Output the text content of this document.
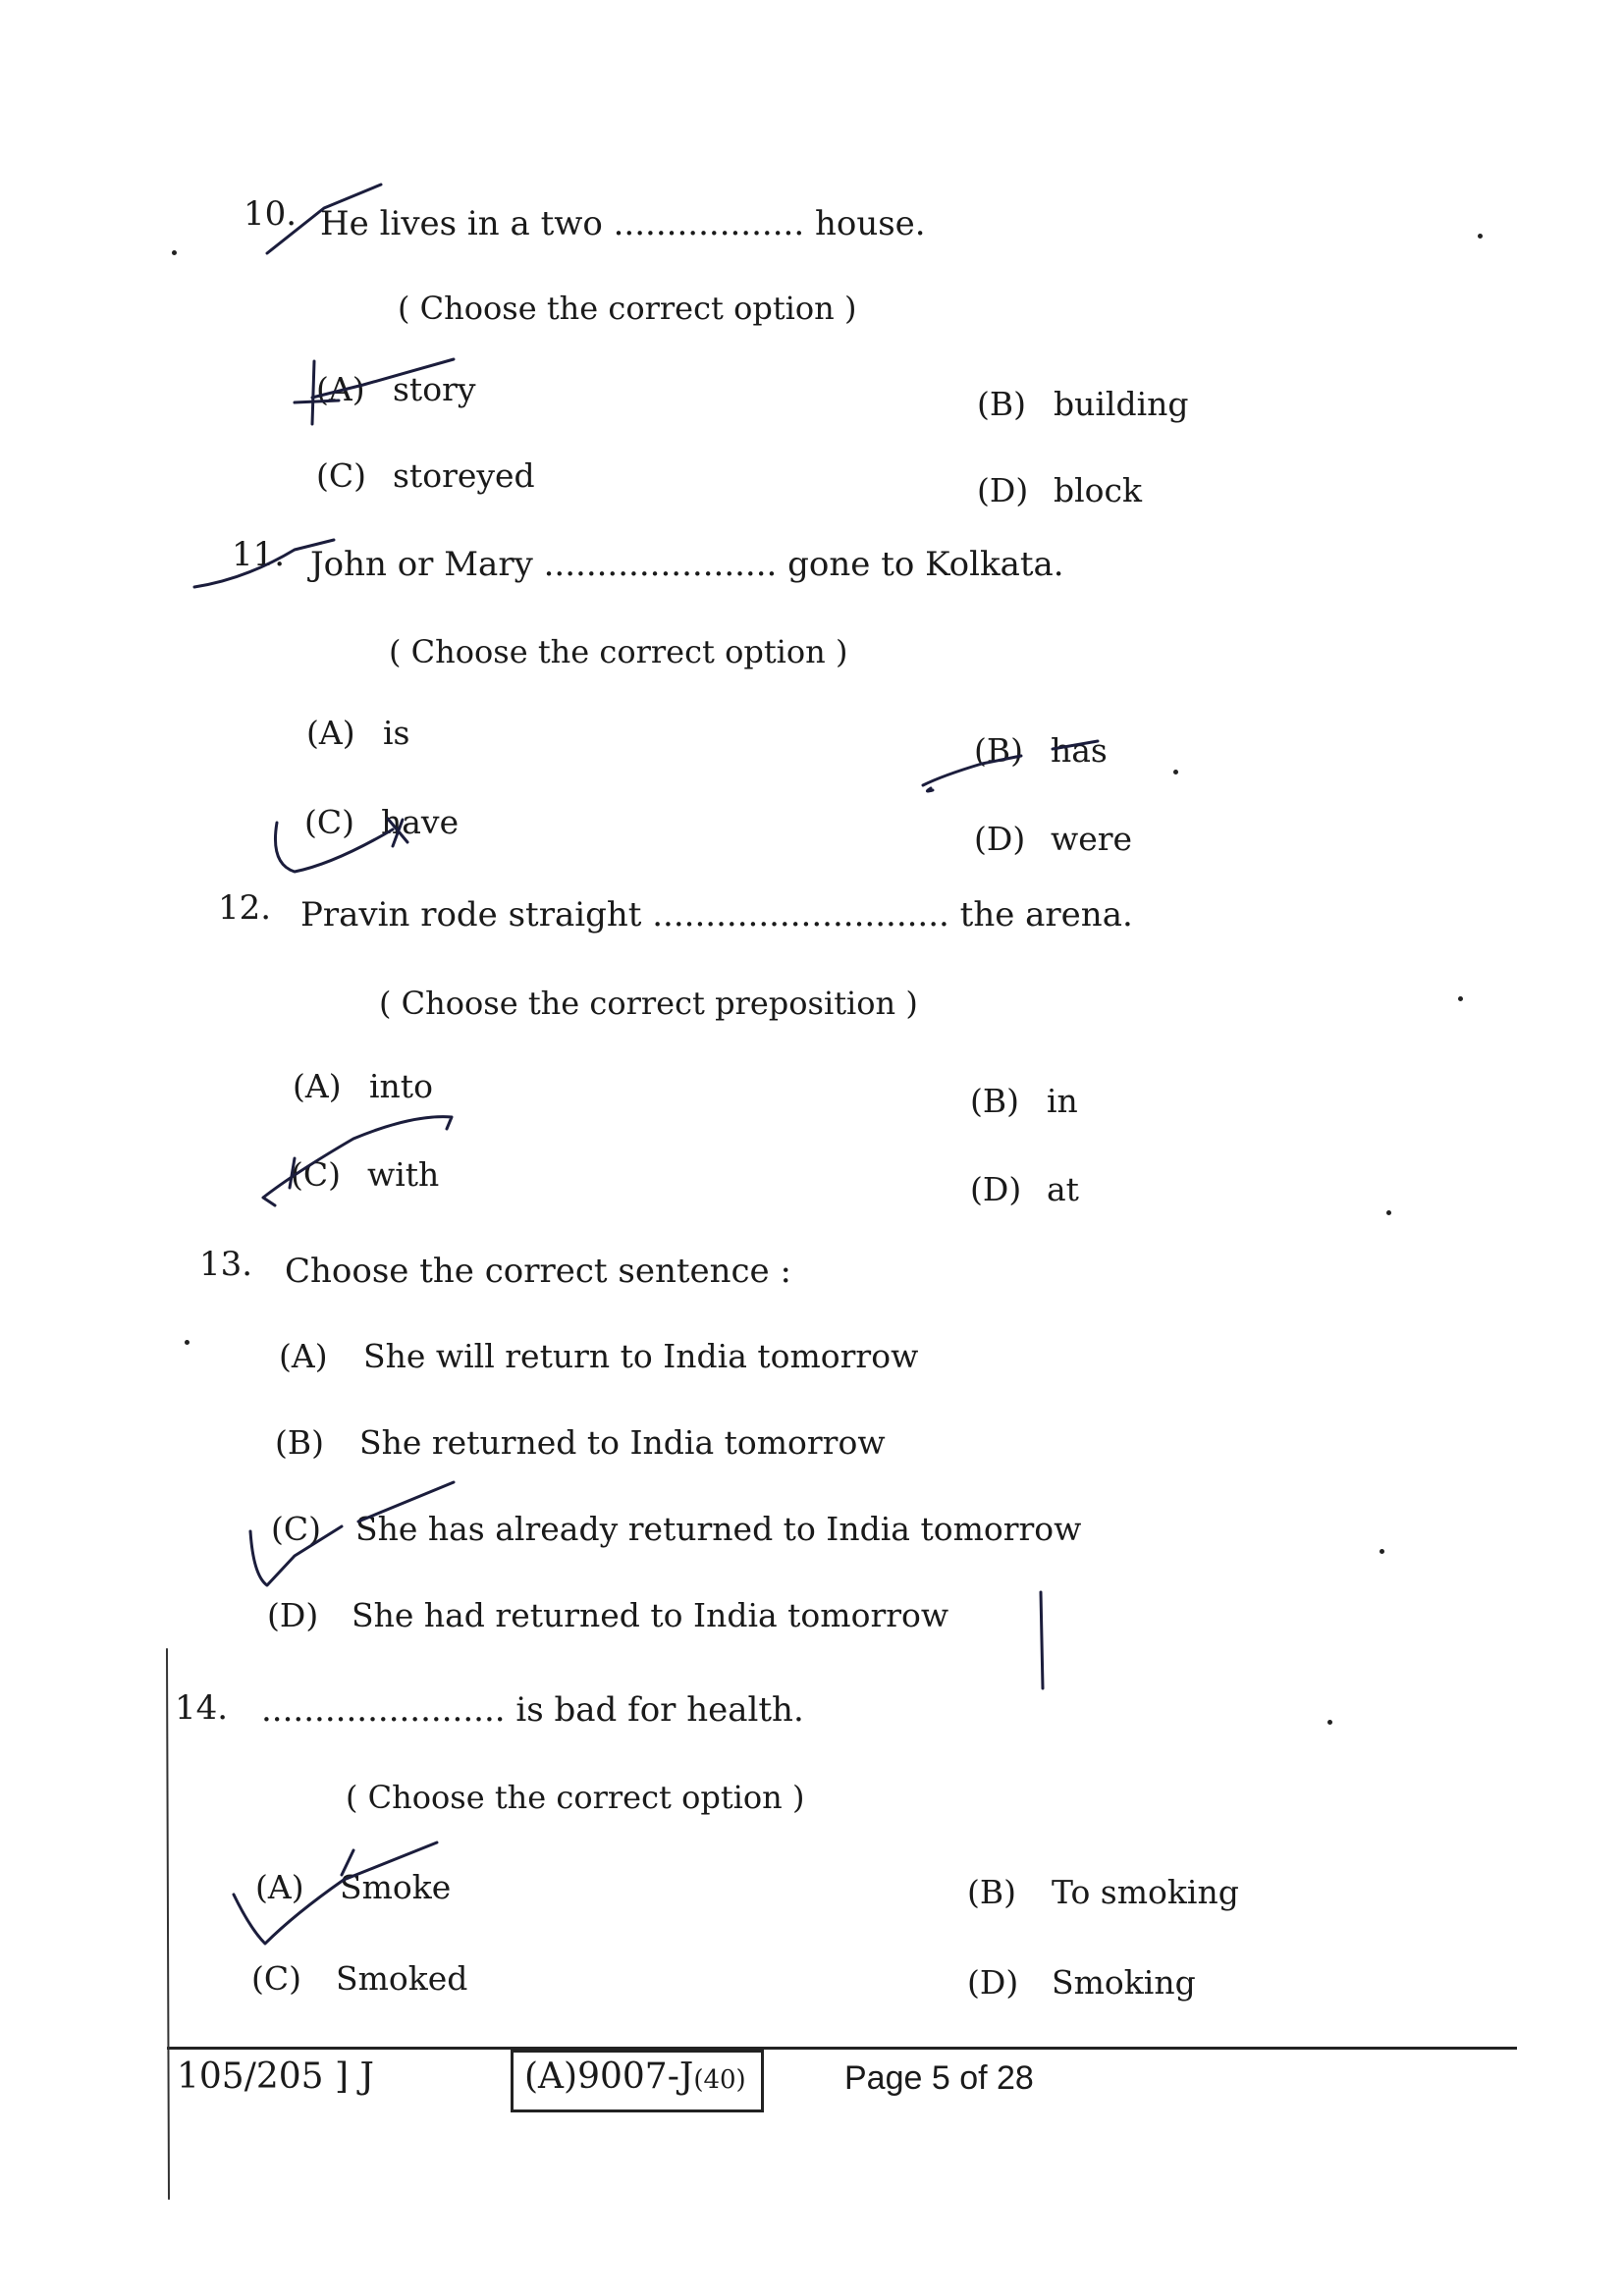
10. He lives in a two .................. house.
( Choose the correct option )
(A) story	(B) building
(C) storeyed	(D) block
11. John or Mary ...................... gone to Kolkata.
( Choose the correct option )
(A) is	(B) has
(C) have	(D) were
12. Pravin rode straight ............................ the arena.
( Choose the correct preposition )
(A) into	(B) in
(C) with	(D) at
13. Choose the correct sentence :
(A) She will return to India tomorrow
(B) She returned to India tomorrow
(C) She has already returned to India tomorrow
(D) She had returned to India tomorrow
14. ....................... is bad for health.
( Choose the correct option )
(A) Smoke	(B) To smoking
(C) Smoked	(D) Smoking
105/205 ] J	(A)9007-J(40)	Page 5 of 28
